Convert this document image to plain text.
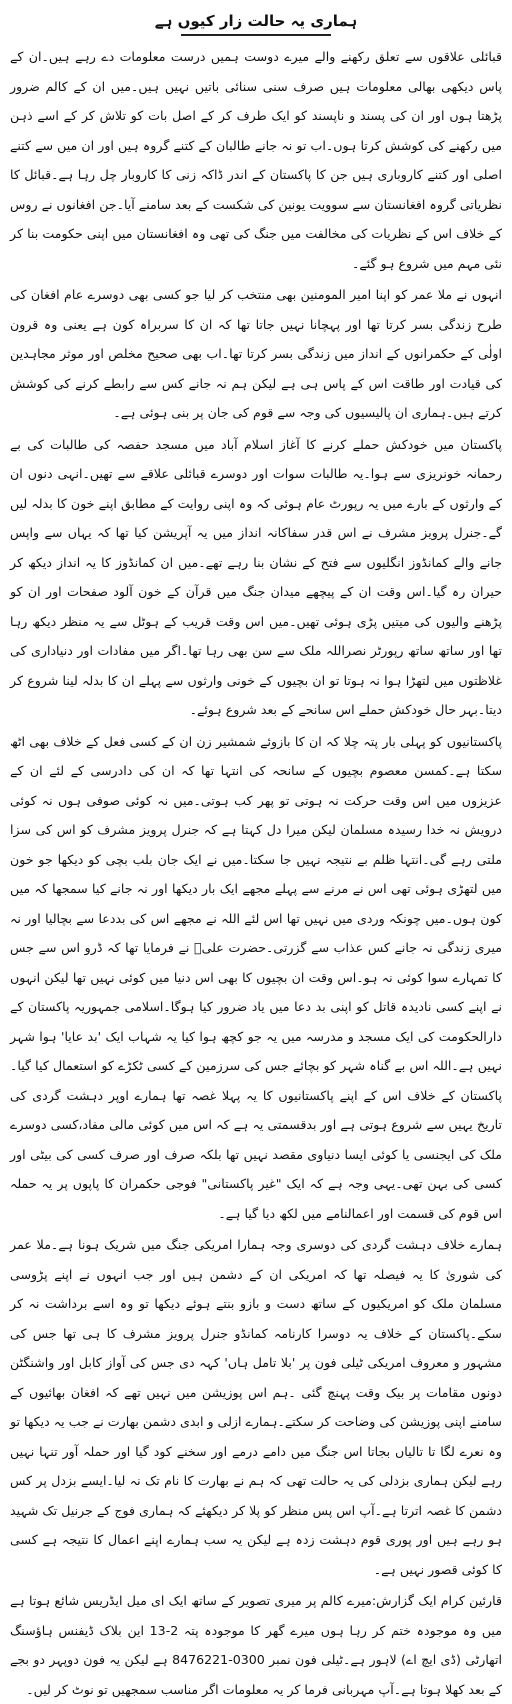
ہماری یہ حالت زار کیوں ہے

قبائلی علاقوں سے تعلق رکھنے والے میرے دوست ہمیں درست معلومات دے رہے ہیں۔ان کے پاس دیکھی بھالی معلومات ہیں صرف سنی سنائی باتیں نہیں ہیں۔میں ان کے کالم ضرور پڑھتا ہوں اور ان کی پسند و ناپسند کو ایک طرف کر کے اصل بات کو تلاش کر کے اسے ذہن میں رکھنے کی کوشش کرتا ہوں۔اب تو نہ جانے طالبان کے کتنے گروہ ہیں اور ان میں سے کتنے اصلی اور کتنے کاروباری ہیں جن کا پاکستان کے اندر ڈاکہ زنی کا کاروبار چل رہا ہے۔قبائل کا نظریاتی گروہ افغانستان سے سوویت یونین کی شکست کے بعد سامنے آیا۔جن افغانوں نے روس کے خلاف اس کے نظریات کی مخالفت میں جنگ کی تھی وہ افغانستان میں اپنی حکومت بنا کر نئی مہم میں شروع ہو گئے۔

انہوں نے ملا عمر کو اپنا امیر المومنین بھی منتخب کر لیا جو کسی بھی دوسرے عام افغان کی طرح زندگی بسر کرتا تھا اور پہچانا نہیں جاتا تھا کہ ان کا سربراہ کون ہے یعنی وہ قرون اولٰی کے حکمرانوں کے انداز میں زندگی بسر کرتا تھا۔اب بھی صحیح مخلص اور موثر مجاہدین کی قیادت اور طاقت اس کے پاس ہی ہے لیکن ہم نہ جانے کس سے رابطے کرنے کی کوشش کرتے ہیں۔ہماری ان پالیسیوں کی وجہ سے قوم کی جان پر بنی ہوئی ہے۔

پاکستان میں خودکش حملے کرنے کا آغاز اسلام آباد میں مسجد حفصہ کی طالبات کی بے رحمانہ خونریزی سے ہوا۔یہ طالبات سوات اور دوسرے قبائلی علاقے سے تھیں۔انہی دنوں ان کے وارثوں کے بارے میں یہ رپورٹ عام ہوئی کہ وہ اپنی روایت کے مطابق اپنے خون کا بدلہ لیں گے۔جنرل پرویز مشرف نے اس قدر سفاکانہ انداز میں یہ آپریشن کیا تھا کہ یہاں سے واپس جانے والے کمانڈوز انگلیوں سے فتح کے نشان بنا رہے تھے۔میں ان کمانڈوز کا یہ انداز دیکھ کر حیران رہ گیا۔اس وقت ان کے پیچھے میدان جنگ میں قرآن کے خون آلود صفحات اور ان کو پڑھنے والیوں کی میتیں پڑی ہوئی تھیں۔میں اس وقت قریب کے ہوٹل سے یہ منظر دیکھ رہا تھا اور ساتھ ساتھ رپورٹر نصراللہ ملک سے سن بھی رہا تھا۔اگر میں مفادات اور دنیاداری کی غلاظتوں میں لتھڑا ہوا نہ ہوتا تو ان بچیوں کے خونی وارثوں سے پہلے ان کا بدلہ لینا شروع کر دیتا۔بہر حال خودکش حملے اس سانحے کے بعد شروع ہوئے۔

پاکستانیوں کو پہلی بار پتہ چلا کہ ان کا بازوئے شمشیر زن ان کے کسی فعل کے خلاف بھی اٹھ سکتا ہے۔کمسن معصوم بچیوں کے سانحہ کی انتہا تھا کہ ان کی دادرسی کے لئے ان کے عزیزوں میں اس وقت حرکت نہ ہوتی تو پھر کب ہوتی۔میں نہ کوئی صوفی ہوں نہ کوئی درویش نہ خدا رسیدہ مسلمان لیکن میرا دل کہتا ہے کہ جنرل پرویز مشرف کو اس کی سزا ملتی رہے گی۔انتہا ظلم بے نتیجہ نہیں جا سکتا۔میں نے ایک جان بلب بچی کو دیکھا جو خون میں لتھڑی ہوئی تھی اس نے مرنے سے پہلے مجھے ایک بار دیکھا اور نہ جانے کیا سمجھا کہ میں کون ہوں۔میں چونکہ وردی میں نہیں تھا اس لئے اللہ نے مجھے اس کی بددعا سے بچالیا اور نہ میری زندگی نہ جانے کس عذاب سے گزرتی۔حضرت علیؓ نے فرمایا تھا کہ ڈرو اس سے جس کا تمہارے سوا کوئی نہ ہو۔اس وقت ان بچیوں کا بھی اس دنیا میں کوئی نہیں تھا لیکن انہوں نے اپنے کسی نادیدہ قاتل کو اپنی بد دعا میں یاد ضرور کیا ہوگا۔اسلامی جمہوریہ پاکستان کے دارالحکومت کی ایک مسجد و مدرسہ میں یہ جو کچھ ہوا کیا یہ شہاب ایک 'بد عایا' ہوا شہر نہیں ہے۔اللہ اس بے گناہ شہر کو بچائے جس کی سرزمین کے کسی ٹکڑے کو استعمال کیا گیا۔پاکستان کے خلاف اس کے اپنے پاکستانیوں کا یہ پہلا غصہ تھا ہمارے اوپر دہشت گردی کی تاریخ یہیں سے شروع ہوتی ہے اور بدقسمتی یہ ہے کہ اس میں کوئی مالی مفاد،کسی دوسرے ملک کی ایجنسی یا کوئی ایسا دنیاوی مقصد نہیں تھا بلکہ صرف اور صرف کسی کی بیٹی اور کسی کی بہن تھی۔یہی وجہ ہے کہ ایک "غیر پاکستانی" فوجی حکمران کا پاپوں پر یہ حملہ اس قوم کی قسمت اور اعمالنامے میں لکھ دیا گیا ہے۔

ہمارے خلاف دہشت گردی کی دوسری وجہ ہمارا امریکی جنگ میں شریک ہونا ہے۔ملا عمر کی شوریٰ کا یہ فیصلہ تھا کہ امریکی ان کے دشمن ہیں اور جب انہوں نے اپنے پڑوسی مسلمان ملک کو امریکیوں کے ساتھ دست و بازو بنتے ہوئے دیکھا تو وہ اسے برداشت نہ کر سکے۔پاکستان کے خلاف یہ دوسرا کارنامہ کمانڈو جنرل پرویز مشرف کا ہی تھا جس کی مشہور و معروف امریکی ٹیلی فون پر 'بلا تامل ہاں' کہہ دی جس کی آواز کابل اور واشنگٹن دونوں مقامات پر بیک وقت پہنچ گئی ۔ہم اس پوزیشن میں نہیں تھے کہ افغان بھائیوں کے سامنے اپنی پوزیشن کی وضاحت کر سکتے۔ہمارے ازلی و ابدی دشمن بھارت نے جب یہ دیکھا تو وہ نعرے لگا تا تالیاں بجاتا اس جنگ میں دامے درمے اور سخنے کود گیا اور حملہ آور تنہا نہیں رہے لیکن ہماری بزدلی کی یہ حالت تھی کہ ہم نے بھارت کا نام تک نہ لیا۔ایسے بزدل پر کس دشمن کا غصہ اترتا ہے۔آپ اس پس منظر کو پلا کر دیکھئے کہ ہماری فوج کے جرنیل تک شہید ہو رہے ہیں اور پوری قوم دہشت زدہ ہے لیکن یہ سب ہمارے اپنے اعمال کا نتیجہ ہے کسی کا کوئی قصور نہیں ہے۔

قارئین کرام ایک گزارش:میرے کالم پر میری تصویر کے ساتھ ایک ای میل ایڈریس شائع ہوتا ہے میں وہ موجودہ ختم کر رہا ہوں میرے گھر کا موجودہ پتہ 2-13 این بلاک ڈیفنس ہاؤسنگ اتھارٹی (ڈی ایچ اے) لاہور ہے۔ٹیلی فون نمبر 0300-8476221 ہے لیکن یہ فون دوپہر دو بجے کے بعد کھلا ہوتا ہے۔آپ مہربانی فرما کر یہ معلومات اگر مناسب سمجھیں تو نوٹ کر لیں۔
